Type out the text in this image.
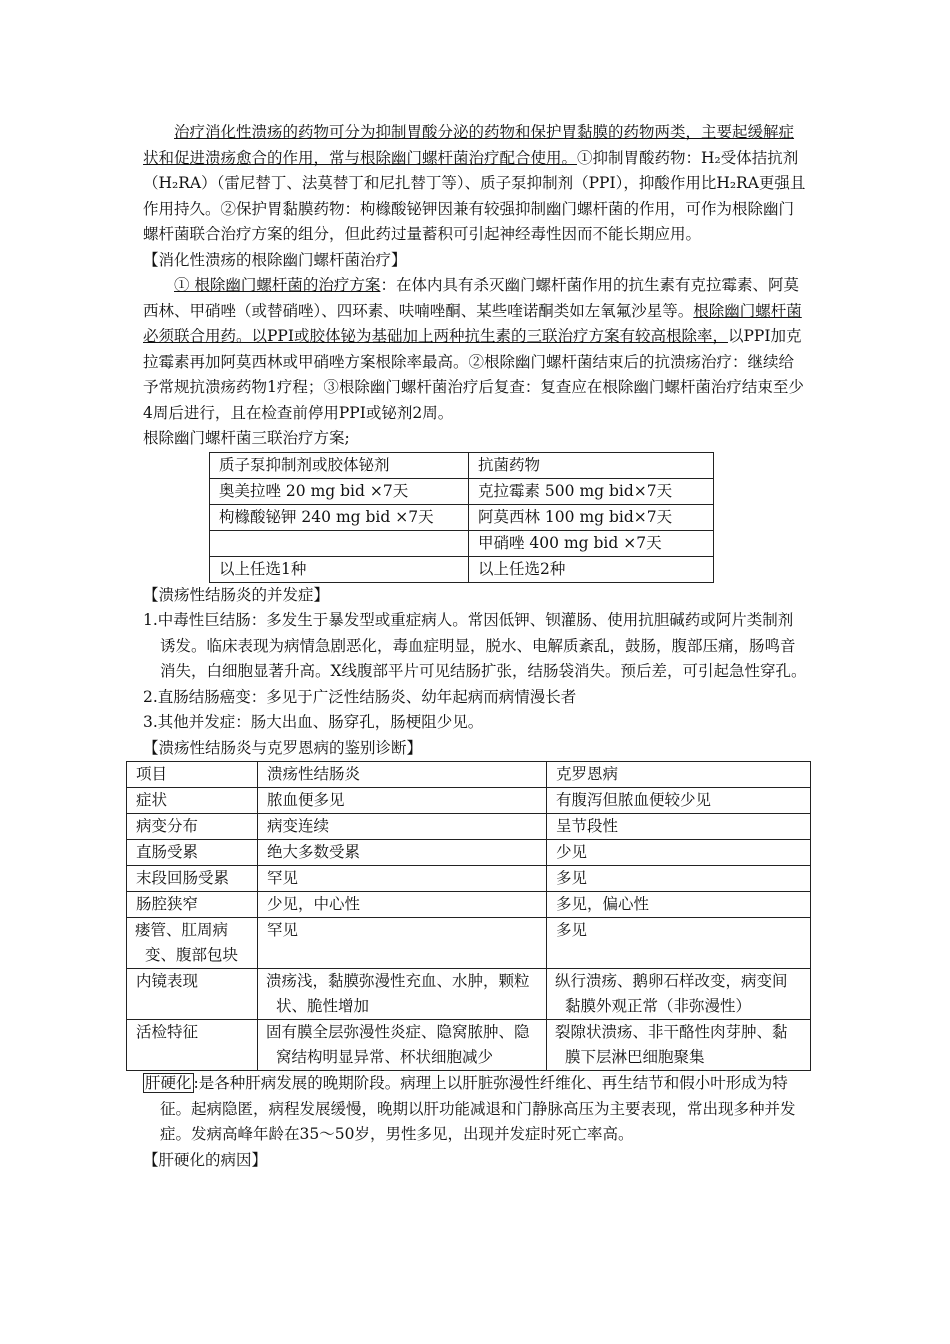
治疗消化性溃疡的药物可分为抑制胃酸分泌的药物和保护胃黏膜的药物两类，主要起缓解症状和促进溃疡愈合的作用，常与根除幽门螺杆菌治疗配合使用。①抑制胃酸药物：H₂受体拮抗剂（H₂RA）（雷尼替丁、法莫替丁和尼扎替丁等）、质子泵抑制剂（PPI），抑酸作用比H₂RA更强且作用持久。②保护胃黏膜药物：枸橼酸铋钾因兼有较强抑制幽门螺杆菌的作用，可作为根除幽门螺杆菌联合治疗方案的组分，但此药过量蓄积可引起神经毒性因而不能长期应用。

【消化性溃疡的根除幽门螺杆菌治疗】

① 根除幽门螺杆菌的治疗方案：在体内具有杀灭幽门螺杆菌作用的抗生素有克拉霉素、阿莫西林、甲硝唑（或替硝唑）、四环素、呋喃唑酮、某些喹诺酮类如左氧氟沙星等。根除幽门螺杆菌必须联合用药。以PPI或胶体铋为基础加上两种抗生素的三联治疗方案有较高根除率，以PPI加克拉霉素再加阿莫西林或甲硝唑方案根除率最高。②根除幽门螺杆菌结束后的抗溃疡治疗：继续给予常规抗溃疡药物1疗程；③根除幽门螺杆菌治疗后复查：复查应在根除幽门螺杆菌治疗结束至少4周后进行，且在检查前停用PPI或铋剂2周。

根除幽门螺杆菌三联治疗方案;

质子泵抑制剂或胶体铋剂	抗菌药物
奥美拉唑 20 mg bid ×7天	克拉霉素 500 mg bid×7天
枸橼酸铋钾 240 mg bid ×7天	阿莫西林 100 mg bid×7天
	甲硝唑 400 mg bid ×7天
以上任选1种	以上任选2种

【溃疡性结肠炎的并发症】

1.中毒性巨结肠：多发生于暴发型或重症病人。常因低钾、钡灌肠、使用抗胆碱药或阿片类制剂诱发。临床表现为病情急剧恶化，毒血症明显，脱水、电解质紊乱，鼓肠，腹部压痛，肠鸣音消失，白细胞显著升高。X线腹部平片可见结肠扩张，结肠袋消失。预后差，可引起急性穿孔。

2.直肠结肠癌变：多见于广泛性结肠炎、幼年起病而病情漫长者

3.其他并发症：肠大出血、肠穿孔，肠梗阻少见。

【溃疡性结肠炎与克罗恩病的鉴别诊断】

项目	溃疡性结肠炎	克罗恩病
症状	脓血便多见	有腹泻但脓血便较少见
病变分布	病变连续	呈节段性
直肠受累	绝大多数受累	少见
末段回肠受累	罕见	多见
肠腔狭窄	少见，中心性	多见，偏心性
瘘管、肛周病变、腹部包块	罕见	多见
内镜表现	溃疡浅，黏膜弥漫性充血、水肿，颗粒状、脆性增加	纵行溃疡、鹅卵石样改变，病变间黏膜外观正常（非弥漫性）
活检特征	固有膜全层弥漫性炎症、隐窝脓肿、隐窝结构明显异常、杯状细胞减少	裂隙状溃疡、非干酪性肉芽肿、黏膜下层淋巴细胞聚集

肝硬化 :是各种肝病发展的晚期阶段。病理上以肝脏弥漫性纤维化、再生结节和假小叶形成为特征。起病隐匿，病程发展缓慢，晚期以肝功能减退和门静脉高压为主要表现，常出现多种并发症。发病高峰年龄在35～50岁，男性多见，出现并发症时死亡率高。

【肝硬化的病因】
